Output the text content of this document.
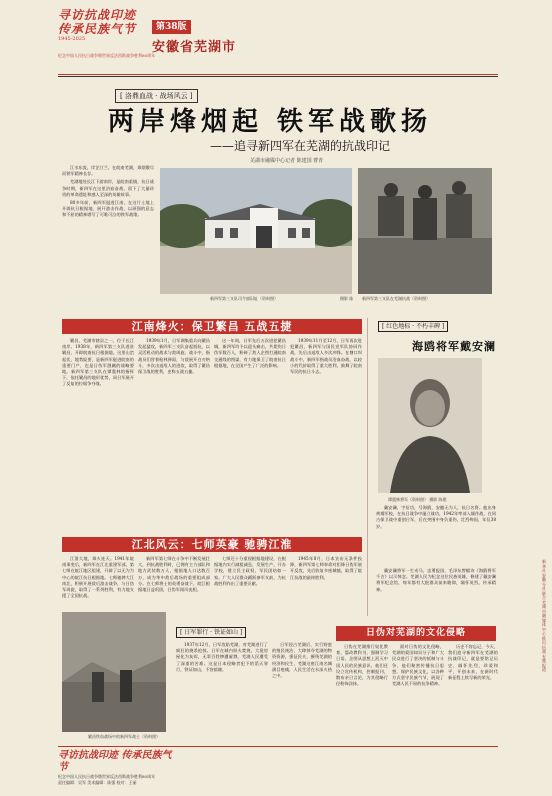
寻访抗战印迹
传承民族气节
1945-2025
纪念中国人民抗日战争暨世界反法西斯战争胜利80周年
第38版
安徽省芜湖市
[ 洛鼎血战 · 战场风云 ]
两岸烽烟起 铁军战歌扬
——追寻新四军在芜湖的抗战印记
芜湖市融媒中心记者 陈建国 曹青

江水东流，岸芷汀兰。在皖南芜湖，烽烟散尽而铁军精神长存。

芜湖地处长江下游南岸，是皖南重镇，抗日战争时期，新四军在这里浴血奋战，留下了大量珍贵的革命遗址和感人至深的英雄故事。

80多年前，新四军挺进江南，在这片土地上开辟抗日根据地，展开游击作战，以顽强的意志和不屈的精神谱写了可歌可泣的铁军战歌。

新四军第三支队司令部旧址（资料照）	摄影 陈 新四军第三支队在芜湖抗战（资料照）
江南烽火：保卫繁昌 五战五捷

繁昌，芜湖市辖县之一，位于长江南岸。1938年，新四军第三支队进驻繁昌，开辟皖南抗日根据地。这里山峦起伏，地势险要，是新四军挺进皖南的重要门户，也是日伪军觊觎的战略要地。新四军第三支队在谭震林的指挥下，依托繁昌的地形优势，同日军展开了反复的拉锯争夺战。

1939年1月，日军调集重兵向繁昌发起猛攻，新四军三支队奋起抵抗，以灵活机动的战术与敌周旋。战斗中，指战员们冒着枪林弹雨，与敌展开白刃格斗，多次击退敌人的进攻，取得了繁昌保卫战的胜利，史称五战五捷。

这一年间，日军先后五次进犯繁昌城，新四军均予以迎头痛击，共毙伤日伪军数百人，粉碎了敌人企图打通皖南交通线的图谋，有力地保卫了皖南抗日根据地，在全国产生了广泛的影响。

1939年11月至12月，日军再次进犯繁昌，新四军与国民党军队协同作战，先后击退敌人多次冲锋。在塘口坝战斗中，新四军指战员浴血奋战，以较小的代价取得了重大胜利，鼓舞了皖南军民的抗日斗志。

[ 红色地标 · 不朽丰碑 ]
海鸥将军戴安澜
谭震林将军（资料照） 摄影 陈建

戴安澜，字衍功，号海鸥，安徽无为人，抗日名将。他出身黄埔军校，在抗日战争中屡立战功，1942年率部入缅作战，在同古保卫战中重创日军，后在突围中身负重伤，壮烈殉国，年仅38岁。

戴安澜将军一生戎马，忠勇报国，毛泽东曾赋诗《海鸥将军千古》以示悼念。芜湖人民为纪念这位民族英雄，修建了戴安澜将军纪念馆，每年都有大批群众前来瞻仰，缅怀英烈，传承精神。

江北风云：七师英豪 驰骋江淮

江淮大地，烽火连天。1941年皖南事变后，新四军在江北重建军部，第七师在皖江地区组建，开辟了以无为为中心的皖江抗日根据地。七师驰骋大江南北，积极开展敌后游击战争，与日伪军周旋，取得了一系列胜利，有力地支援了全国抗战。

新四军第七师在斗争中不断发展壮大，到抗战胜利时，已拥有主力部队和地方武装数万人，根据地人口达数百万，成为华中敌后战场的重要组成部分。在七师将士的英勇奋战下，皖江根据地日益巩固，日伪军闻风丧胆。

七师还十分重视根据地建设，在根据地内实行减租减息，发展生产，开办学校，建立民主政权，军民团结如一家。广大人民群众踊跃参军支前，为抗战胜利作出了重要贡献。

1945年8月，日本宣布无条件投降，新四军第七师奉命对拒降日伪军展开反攻，先后收复多座城镇，取得了皖江抗战的最终胜利。

繁昌铁血战场中的新四军战士（资料照）
[ 日军罪行 · 铁证如山 ]

1937年12月，日军攻陷芜湖，对芜湖进行了疯狂的烧杀抢掠。日军在城内纵火焚烧，大批房屋化为灰烬，无辜百姓惨遭屠戮，芜湖人民遭受了深重的苦难。这是日本侵略者犯下的滔天罪行，铁证如山，不容抵赖。

日军侵占芜湖后，实行野蛮的殖民统治，大肆掠夺芜湖的物资资源，强征民夫，摧残芜湖的经济和民生，芜湖这座江南名城满目疮痍，人民生活在水深火热之中。

日伪对芜湖的文化侵略

日伪在芜湖推行奴化教育，篡改教科书，强制学习日语，企图从思想上泯灭中国人民的民族意识。他们还设立宣传机构，控制报刊，散布亲日言论，为其侵略行径粉饰涂抹。

面对日伪的文化侵略，芜湖的爱国知识分子和广大民众进行了坚决的抵制与斗争，他们秘密传播抗日思想，保护民族文化，以各种方式坚守民族气节，展现了芜湖人民不屈的抗争精神。

历史不容忘记，今天，我们追寻新四军在芜湖的抗战印记，就是要铭记历史，缅怀先烈，珍爱和平，开创未来，在新时代新征程上续写新的荣光。

寻访抗战印迹 传承民族气节
纪念中国人民抗日战争暨世界反法西斯战争胜利80周年
责任编辑：吴军 美术编辑：陈强 校对：王丽
新华社安徽分社联合芜湖市融媒体中心推出抗战专题报道
